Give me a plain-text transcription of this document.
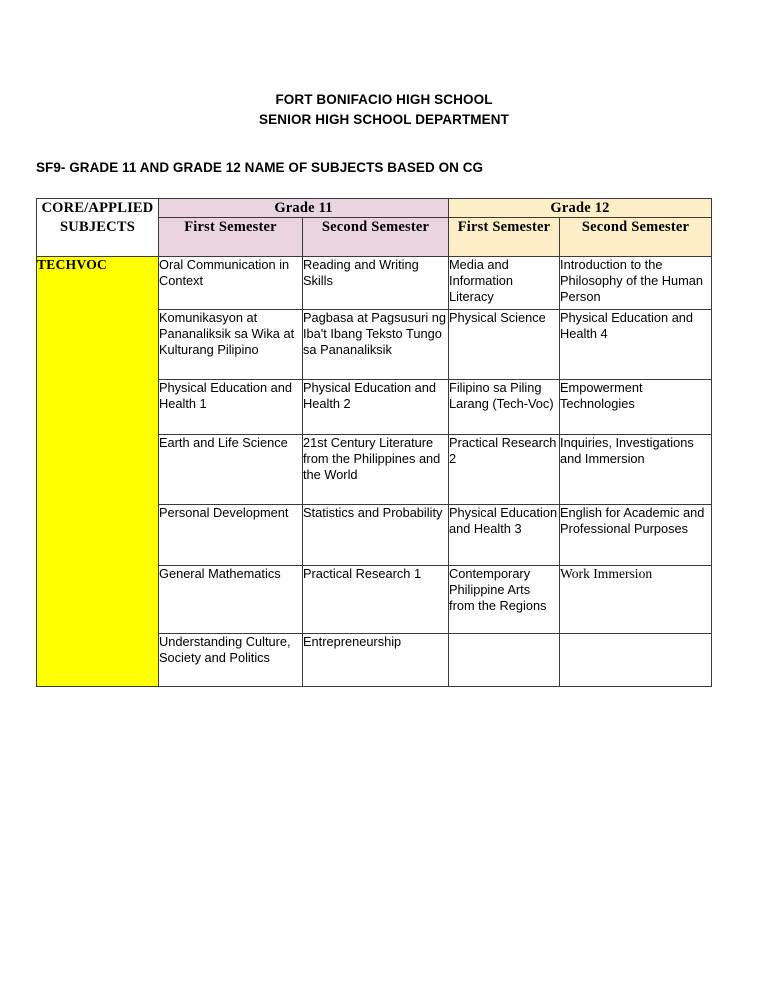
FORT BONIFACIO HIGH SCHOOL
SENIOR HIGH SCHOOL DEPARTMENT
SF9- GRADE 11 AND GRADE 12 NAME OF SUBJECTS BASED ON CG
CORE/APPLIED SUBJECTS	Grade 11		Grade 12	
	First Semester	Second Semester	First Semester	Second Semester
TECHVOC	Oral Communication in Context	Reading and Writing Skills	Media and Information Literacy	Introduction to the Philosophy of the Human Person
	Komunikasyon at Pananaliksik sa Wika at Kulturang Pilipino	Pagbasa at Pagsusuri ng Iba't Ibang Teksto Tungo sa Pananaliksik	Physical Science	Physical Education and Health 4
	Physical Education and Health 1	Physical Education and Health 2	Filipino sa Piling Larang (Tech-Voc)	Empowerment Technologies
	Earth and Life Science	21st Century Literature from the Philippines and the World	Practical Research 2	Inquiries, Investigations and Immersion
	Personal Development	Statistics and Probability	Physical Education and Health 3	English for Academic and Professional Purposes
	General Mathematics	Practical Research 1	Contemporary Philippine Arts from the Regions	Work Immersion
	Understanding Culture, Society and Politics	Entrepreneurship		
